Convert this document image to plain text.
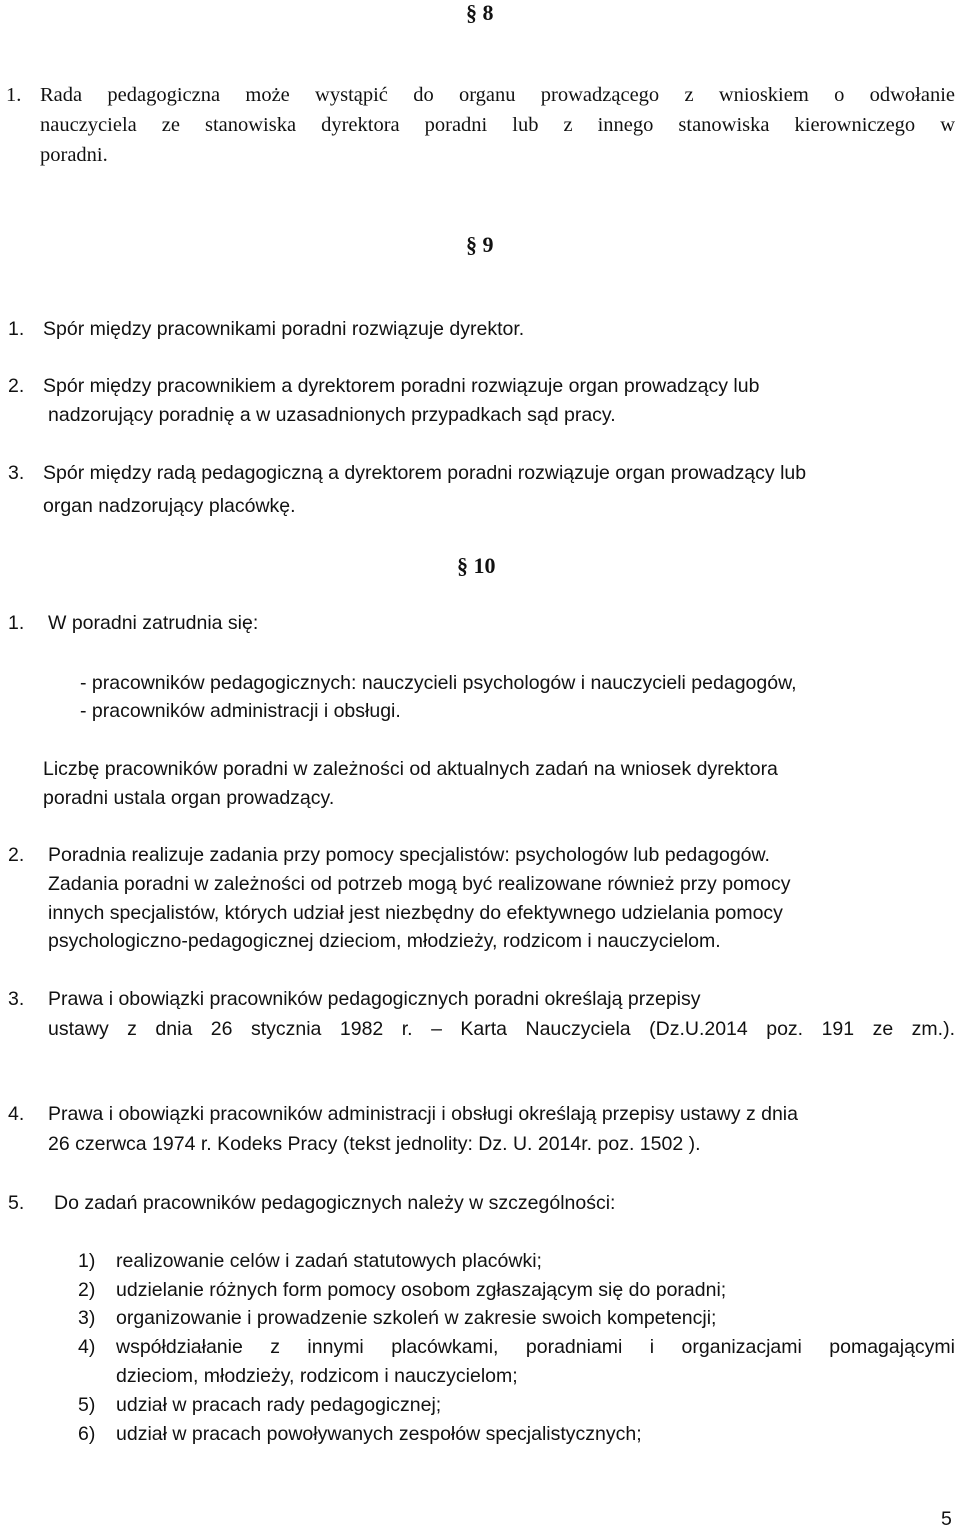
§ 8
1. Rada pedagogiczna może wystąpić do organu prowadzącego z wnioskiem o odwołanie
nauczyciela ze stanowiska dyrektora poradni lub z innego stanowiska kierowniczego w
poradni.
§ 9
1. Spór między pracownikami poradni rozwiązuje dyrektor.
2. Spór między pracownikiem a dyrektorem poradni rozwiązuje organ prowadzący lub
nadzorujący poradnię a w uzasadnionych przypadkach sąd pracy.
3. Spór między radą pedagogiczną a dyrektorem poradni rozwiązuje organ prowadzący lub
organ nadzorujący placówkę.
§ 10
1. W poradni zatrudnia się:
- pracowników pedagogicznych: nauczycieli psychologów i nauczycieli pedagogów,
- pracowników administracji i obsługi.
Liczbę pracowników poradni w zależności od aktualnych zadań na wniosek dyrektora
poradni ustala organ prowadzący.
2. Poradnia realizuje zadania przy pomocy specjalistów: psychologów lub pedagogów.
Zadania poradni w zależności od potrzeb mogą być realizowane również przy pomocy
innych specjalistów, których udział jest niezbędny do efektywnego udzielania pomocy
psychologiczno-pedagogicznej dzieciom, młodzieży, rodzicom i nauczycielom.
3. Prawa i obowiązki pracowników pedagogicznych poradni określają przepisy
ustawy z dnia 26 stycznia 1982 r. – Karta Nauczyciela (Dz.U.2014 poz. 191 ze zm.).
4. Prawa i obowiązki pracowników administracji i obsługi określają przepisy ustawy z dnia
26 czerwca 1974 r. Kodeks Pracy (tekst jednolity: Dz. U. 2014r. poz. 1502 ).
5. Do zadań pracowników pedagogicznych należy w szczególności:
1) realizowanie celów i zadań statutowych placówki;
2) udzielanie różnych form pomocy osobom zgłaszającym się do poradni;
3) organizowanie i prowadzenie szkoleń w zakresie swoich kompetencji;
4) współdziałanie z innymi placówkami, poradniami i organizacjami pomagającymi
dzieciom, młodzieży, rodzicom i nauczycielom;
5) udział w pracach rady pedagogicznej;
6) udział w pracach powoływanych zespołów specjalistycznych;
5
